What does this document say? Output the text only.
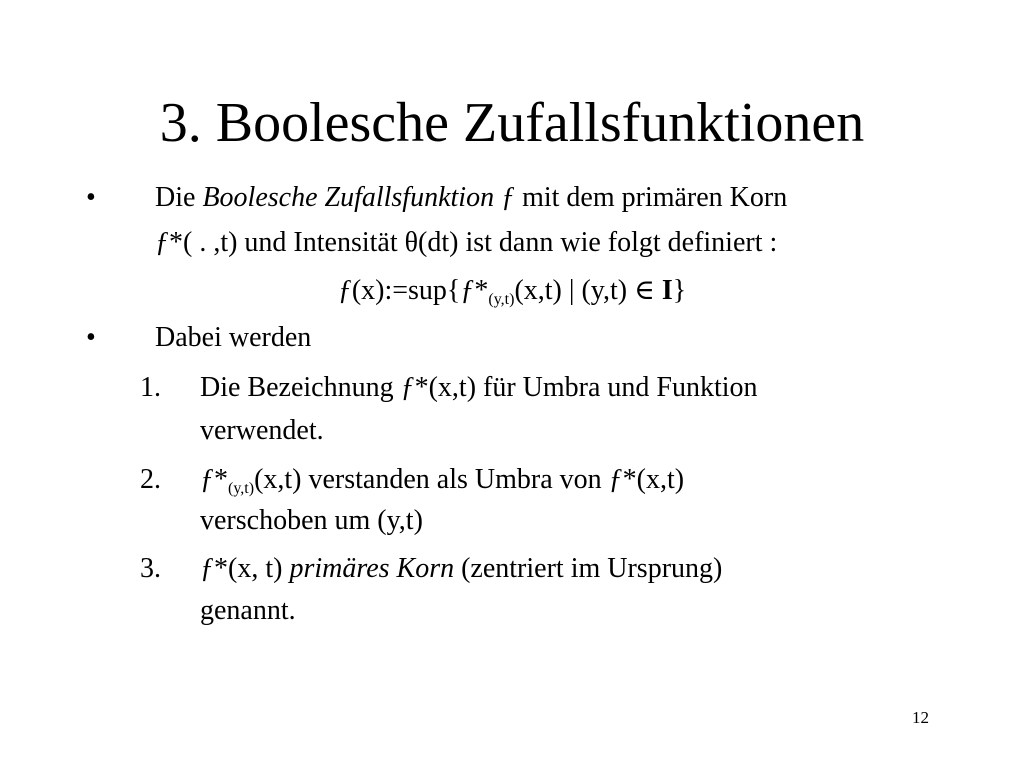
3. Boolesche Zufallsfunktionen
• Die Boolesche Zufallsfunktion ƒ mit dem primären Korn
ƒ*( . ,t) und Intensität θ(dt) ist dann wie folgt definiert :
$ƒ(x):=sup\{ƒ*_{(y,t)}(x,t)$ | (y,t) ∈ I}
• Dabei werden
1. Die Bezeichnung ƒ*(x,t) für Umbra und Funktion
verwendet.
2. $ƒ*_{(y,t)}(x,t)$ verstanden als Umbra von ƒ*(x,t)
verschoben um (y,t)
3. ƒ*(x, t) primäres Korn (zentriert im Ursprung)
genannt.
12
